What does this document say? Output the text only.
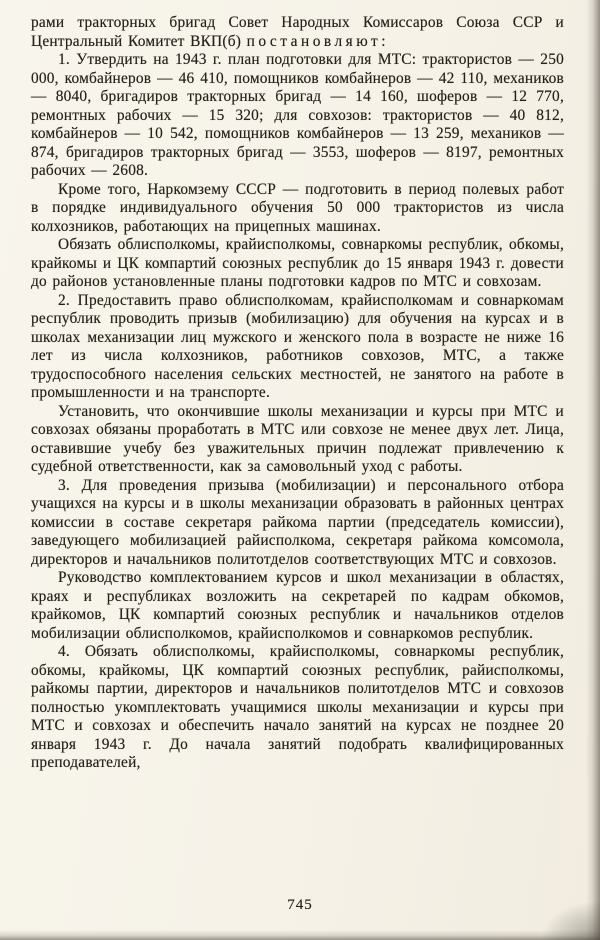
рами тракторных бригад Совет Народных Комиссаров Союза ССР и Центральный Комитет ВКП(б) постановляют:

1. Утвердить на 1943 г. план подготовки для МТС: трактористов — 250 000, комбайнеров — 46 410, помощников комбайнеров — 42 110, механиков — 8040, бригадиров тракторных бригад — 14 160, шоферов — 12 770, ремонтных рабочих — 15 320; для совхозов: трактористов — 40 812, комбайнеров — 10 542, помощников комбайнеров — 13 259, механиков — 874, бригадиров тракторных бригад — 3553, шоферов — 8197, ремонтных рабочих — 2608.

Кроме того, Наркомзему СССР — подготовить в период полевых работ в порядке индивидуального обучения 50 000 трактористов из числа колхозников, работающих на прицепных машинах.

Обязать облисполкомы, крайисполкомы, совнаркомы республик, обкомы, крайкомы и ЦК компартий союзных республик до 15 января 1943 г. довести до районов установленные планы подготовки кадров по МТС и совхозам.

2. Предоставить право облисполкомам, крайисполкомам и совнаркомам республик проводить призыв (мобилизацию) для обучения на курсах и в школах механизации лиц мужского и женского пола в возрасте не ниже 16 лет из числа колхозников, работников совхозов, МТС, а также трудоспособного населения сельских местностей, не занятого на работе в промышленности и на транспорте.

Установить, что окончившие школы механизации и курсы при МТС и совхозах обязаны проработать в МТС или совхозе не менее двух лет. Лица, оставившие учебу без уважительных причин подлежат привлечению к судебной ответственности, как за самовольный уход с работы.

3. Для проведения призыва (мобилизации) и персонального отбора учащихся на курсы и в школы механизации образовать в районных центрах комиссии в составе секретаря райкома партии (председатель комиссии), заведующего мобилизацией райисполкома, секретаря райкома комсомола, директоров и начальников политотделов соответствующих МТС и совхозов.

Руководство комплектованием курсов и школ механизации в областях, краях и республиках возложить на секретарей по кадрам обкомов, крайкомов, ЦК компартий союзных республик и начальников отделов мобилизации облисполкомов, крайисполкомов и совнаркомов республик.

4. Обязать облисполкомы, крайисполкомы, совнаркомы республик, обкомы, крайкомы, ЦК компартий союзных республик, райисполкомы, райкомы партии, директоров и начальников политотделов МТС и совхозов полностью укомплектовать учащимися школы механизации и курсы при МТС и совхозах и обеспечить начало занятий на курсах не позднее 20 января 1943 г. До начала занятий подобрать квалифицированных преподавателей,

745
